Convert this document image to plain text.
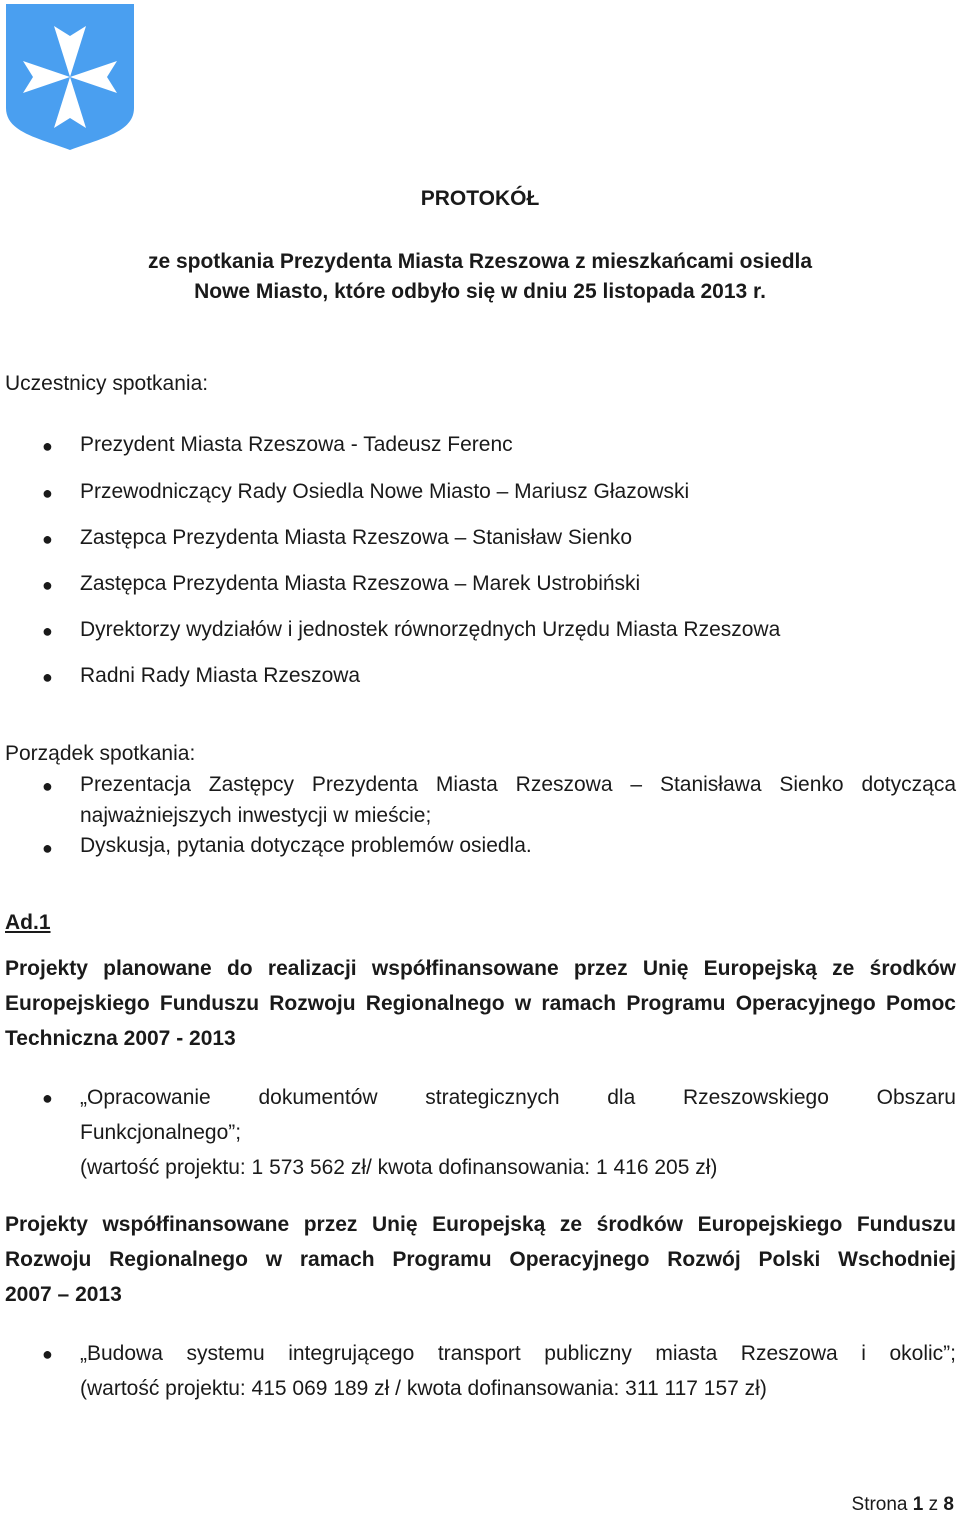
PROTOKÓŁ
ze spotkania Prezydenta Miasta Rzeszowa z mieszkańcami osiedla
Nowe Miasto, które odbyło się w dniu 25 listopada 2013 r.
Uczestnicy spotkania:
● Prezydent Miasta Rzeszowa - Tadeusz Ferenc
● Przewodniczący Rady Osiedla Nowe Miasto – Mariusz Głazowski
● Zastępca Prezydenta Miasta Rzeszowa – Stanisław Sienko
● Zastępca Prezydenta Miasta Rzeszowa – Marek Ustrobiński
● Dyrektorzy wydziałów i jednostek równorzędnych Urzędu Miasta Rzeszowa
● Radni Rady Miasta Rzeszowa
Porządek spotkania:
● Prezentacja Zastępcy Prezydenta Miasta Rzeszowa – Stanisława Sienko dotycząca
najważniejszych inwestycji w mieście;
● Dyskusja, pytania dotyczące problemów osiedla.
Ad.1
Projekty planowane do realizacji współfinansowane przez Unię Europejską ze środków
Europejskiego Funduszu Rozwoju Regionalnego w ramach Programu Operacyjnego Pomoc
Techniczna 2007 - 2013
● „Opracowanie dokumentów strategicznych dla Rzeszowskiego Obszaru
Funkcjonalnego”;
(wartość projektu: 1 573 562 zł/ kwota dofinansowania: 1 416 205 zł)
Projekty współfinansowane przez Unię Europejską ze środków Europejskiego Funduszu
Rozwoju Regionalnego w ramach Programu Operacyjnego Rozwój Polski Wschodniej
2007 – 2013
● „Budowa systemu integrującego transport publiczny miasta Rzeszowa i okolic”;
(wartość projektu: 415 069 189 zł / kwota dofinansowania: 311 117 157 zł)
Strona 1 z 8
